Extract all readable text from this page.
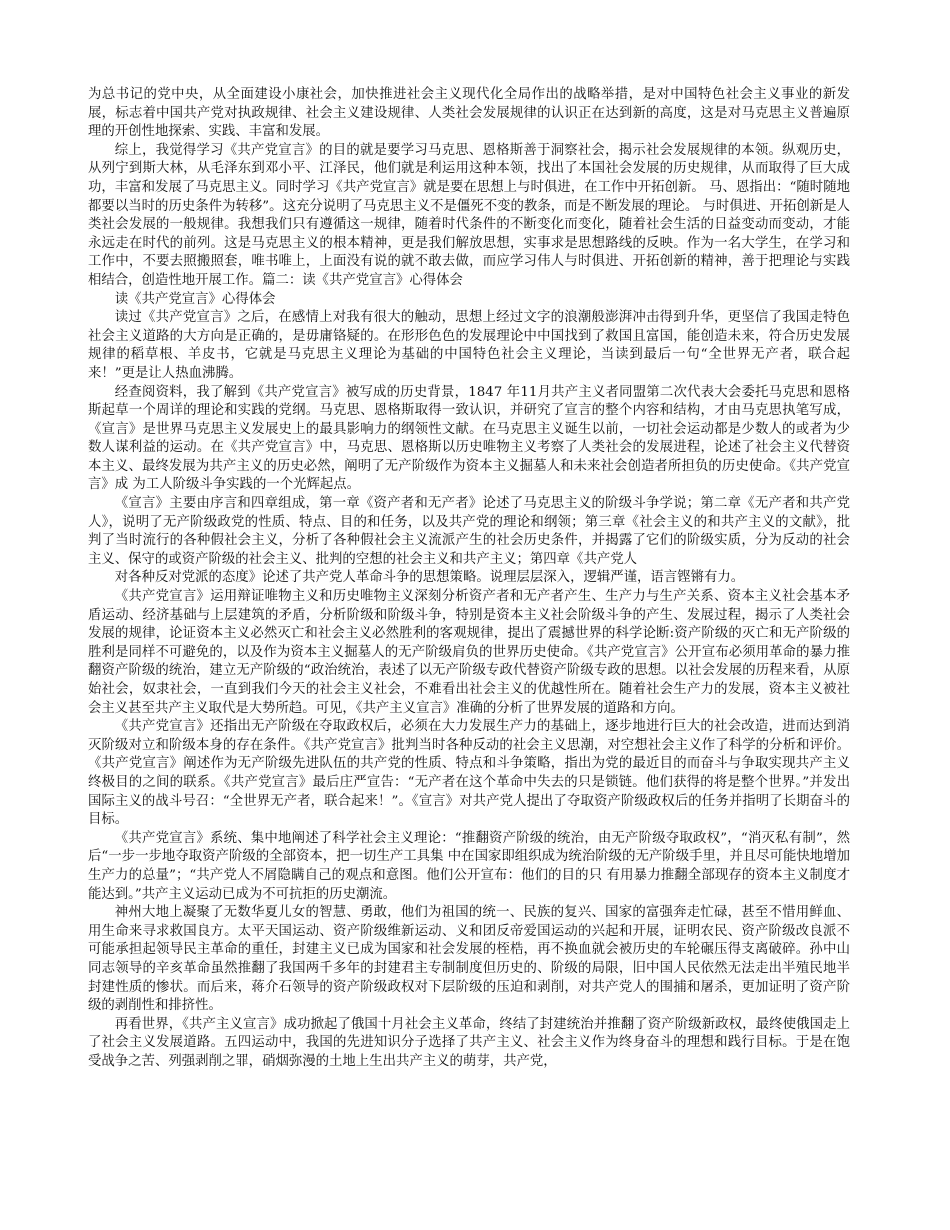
为总书记的党中央，从全面建设小康社会，加快推进社会主义现代化全局作出的战略举措，是对中国特色社会主义事业的新发展，标志着中国共产党对执政规律、社会主义建设规律、人类社会发展规律的认识正在达到新的高度，这是对马克思主义普遍原理的开创性地探索、实践、丰富和发展。

综上，我觉得学习《共产党宣言》的目的就是要学习马克思、恩格斯善于洞察社会，揭示社会发展规律的本领。纵观历史，从列宁到斯大林，从毛泽东到邓小平、江泽民，他们就是利运用这种本领，找出了本国社会发展的历史规律，从而取得了巨大成功，丰富和发展了马克思主义。同时学习《共产党宣言》就是要在思想上与时俱进，在工作中开拓创新。 马、恩指出：“随时随地都要以当时的历史条件为转移”。这充分说明了马克思主义不是僵死不变的教条，而是不断发展的理论。 与时俱进、开拓创新是人类社会发展的一般规律。我想我们只有遵循这一规律，随着时代条件的不断变化而变化，随着社会生活的日益变动而变动，才能永远走在时代的前列。这是马克思主义的根本精神，更是我们解放思想，实事求是思想路线的反映。作为一名大学生，在学习和工作中，不要去照搬照套，唯书唯上，上面没有说的就不敢去做，而应学习伟人与时俱进、开拓创新的精神，善于把理论与实践相结合，创造性地开展工作。篇二：读《共产党宣言》心得体会

读《共产党宣言》心得体会

读过《共产党宣言》之后，在感情上对我有很大的触动，思想上经过文字的浪潮般澎湃冲击得到升华，更坚信了我国走特色社会主义道路的大方向是正确的，是毋庸铬疑的。在形形色色的发展理论中中国找到了救国且富国，能创造未来，符合历史发展规律的稻草根、羊皮书，它就是马克思主义理论为基础的中国特色社会主义理论，当读到最后一句“全世界无产者，联合起来！”更是让人热血沸腾。

经查阅资料，我了解到《共产党宣言》被写成的历史背景，1847 年11月共产主义者同盟第二次代表大会委托马克思和恩格斯起草一个周详的理论和实践的党纲。马克思、恩格斯取得一致认识，并研究了宣言的整个内容和结构，才由马克思执笔写成，《宣言》是世界马克思主义发展史上的最具影响力的纲领性文献。在马克思主义诞生以前，一切社会运动都是少数人的或者为少数人谋利益的运动。在《共产党宣言》中，马克思、恩格斯以历史唯物主义考察了人类社会的发展进程，论述了社会主义代替资本主义、最终发展为共产主义的历史必然，阐明了无产阶级作为资本主义掘墓人和未来社会创造者所担负的历史使命。《共产党宣言》成 为工人阶级斗争实践的一个光辉起点。

《宣言》主要由序言和四章组成，第一章《资产者和无产者》论述了马克思主义的阶级斗争学说；第二章《无产者和共产党人》，说明了无产阶级政党的性质、特点、目的和任务，以及共产党的理论和纲领；第三章《社会主义的和共产主义的文献》，批判了当时流行的各种假社会主义，分析了各种假社会主义流派产生的社会历史条件，并揭露了它们的阶级实质，分为反动的社会主义、保守的或资产阶级的社会主义、批判的空想的社会主义和共产主义；第四章《共产党人

对各种反对党派的态度》论述了共产党人革命斗争的思想策略。说理层层深入，逻辑严谨，语言铿锵有力。

《共产党宣言》运用辩证唯物主义和历史唯物主义深刻分析资产者和无产者产生、生产力与生产关系、资本主义社会基本矛盾运动、经济基础与上层建筑的矛盾，分析阶级和阶级斗争，特别是资本主义社会阶级斗争的产生、发展过程，揭示了人类社会发展的规律，论证资本主义必然灭亡和社会主义必然胜利的客观规律，提出了震撼世界的科学论断:资产阶级的灭亡和无产阶级的胜利是同样不可避免的，以及作为资本主义掘墓人的无产阶级肩负的世界历史使命。《共产党宣言》公开宣布必须用革命的暴力推翻资产阶级的统治，建立无产阶级的“政治统治，表述了以无产阶级专政代替资产阶级专政的思想。以社会发展的历程来看，从原始社会，奴隶社会，一直到我们今天的社会主义社会，不难看出社会主义的优越性所在。随着社会生产力的发展，资本主义被社会主义甚至共产主义取代是大势所趋。可见，《共产主义宣言》准确的分析了世界发展的道路和方向。

《共产党宣言》还指出无产阶级在夺取政权后，必须在大力发展生产力的基础上，逐步地进行巨大的社会改造，进而达到消灭阶级对立和阶级本身的存在条件。《共产党宣言》批判当时各种反动的社会主义思潮，对空想社会主义作了科学的分析和评价。《共产党宣言》阐述作为无产阶级先进队伍的共产党的性质、特点和斗争策略，指出为党的最近目的而奋斗与争取实现共产主义终极目的之间的联系。《共产党宣言》最后庄严宣告：“无产者在这个革命中失去的只是锁链。他们获得的将是整个世界。”并发出国际主义的战斗号召：“全世界无产者，联合起来！”。《宣言》对共产党人提出了夺取资产阶级政权后的任务并指明了长期奋斗的目标。

《共产党宣言》系统、集中地阐述了科学社会主义理论：“推翻资产阶级的统治，由无产阶级夺取政权”，“消灭私有制”，然后“一步一步地夺取资产阶级的全部资本，把一切生产工具集 中在国家即组织成为统治阶级的无产阶级手里，并且尽可能快地增加生产力的总量”；“共产党人不屑隐瞒自己的观点和意图。他们公开宣布：他们的目的只 有用暴力推翻全部现存的资本主义制度才能达到。”共产主义运动已成为不可抗拒的历史潮流。

神州大地上凝聚了无数华夏儿女的智慧、勇敢，他们为祖国的统一、民族的复兴、国家的富强奔走忙碌，甚至不惜用鲜血、用生命来寻求救国良方。太平天国运动、资产阶级维新运动、义和团反帝爱国运动的兴起和开展，证明农民、资产阶级改良派不可能承担起领导民主革命的重任，封建主义已成为国家和社会发展的桎梏，再不换血就会被历史的车轮碾压得支离破碎。孙中山同志领导的辛亥革命虽然推翻了我国两千多年的封建君主专制制度但历史的、阶级的局限，旧中国人民依然无法走出半殖民地半封建性质的惨状。而后来，蒋介石领导的资产阶级政权对下层阶级的压迫和剥削，对共产党人的围捕和屠杀，更加证明了资产阶级的剥削性和排挤性。

再看世界，《共产主义宣言》成功掀起了俄国十月社会主义革命，终结了封建统治并推翻了资产阶级新政权，最终使俄国走上了社会主义发展道路。五四运动中，我国的先进知识分子选择了共产主义、社会主义作为终身奋斗的理想和践行目标。于是在饱受战争之苦、列强剥削之罪，硝烟弥漫的土地上生出共产主义的萌芽，共产党，
